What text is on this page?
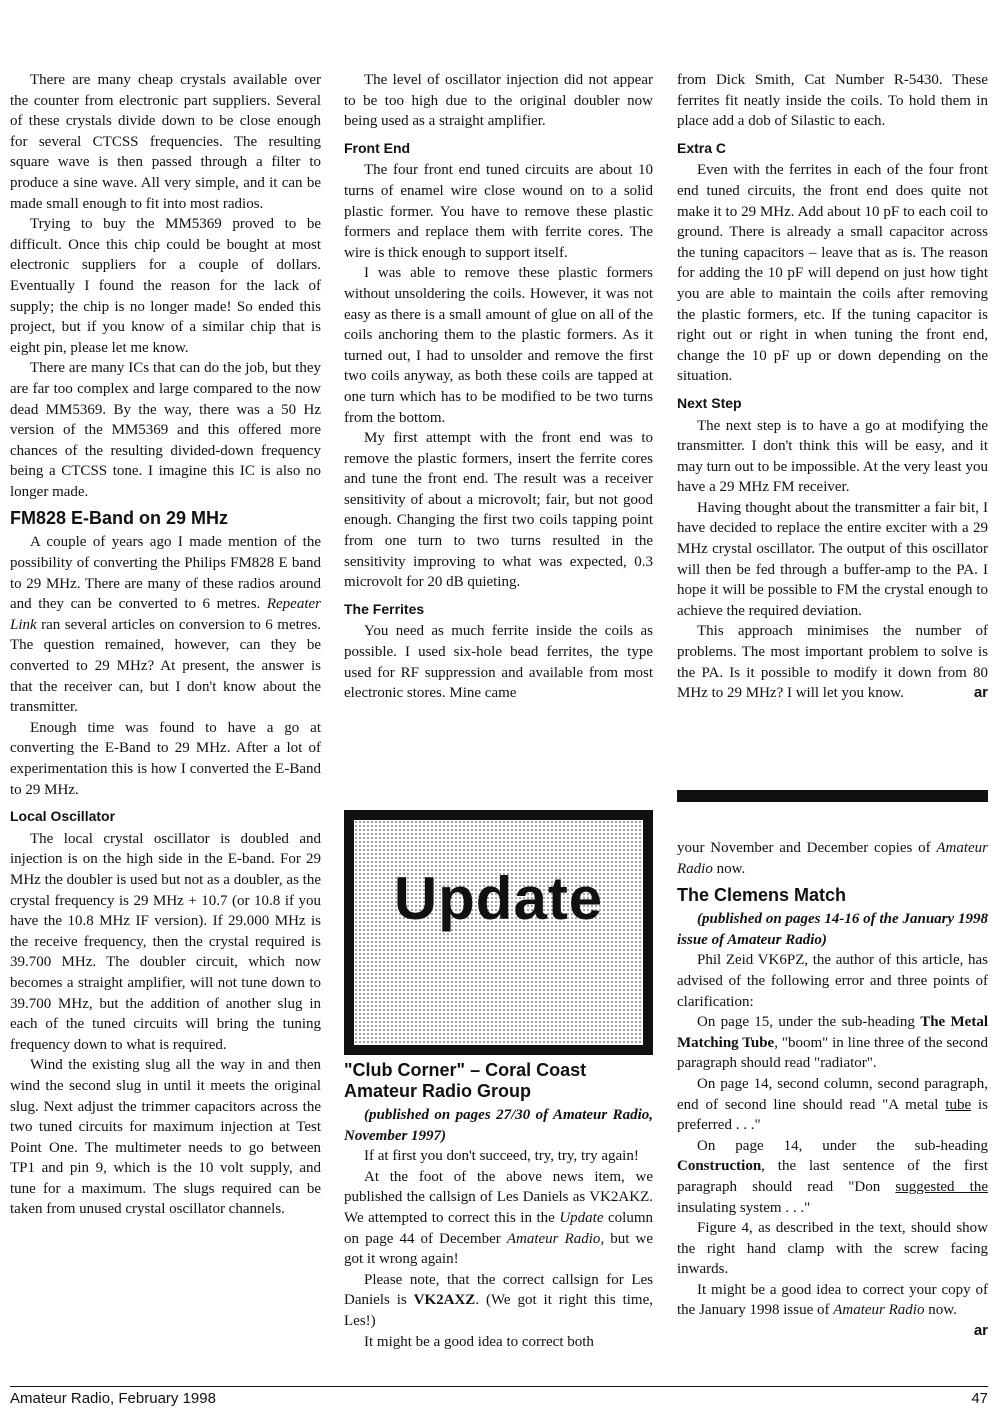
There are many cheap crystals available over the counter from electronic part suppliers. Several of these crystals divide down to be close enough for several CTCSS frequencies. The resulting square wave is then passed through a filter to produce a sine wave. All very simple, and it can be made small enough to fit into most radios.

Trying to buy the MM5369 proved to be difficult. Once this chip could be bought at most electronic suppliers for a couple of dollars. Eventually I found the reason for the lack of supply; the chip is no longer made! So ended this project, but if you know of a similar chip that is eight pin, please let me know.

There are many ICs that can do the job, but they are far too complex and large compared to the now dead MM5369. By the way, there was a 50 Hz version of the MM5369 and this offered more chances of the resulting divided-down frequency being a CTCSS tone. I imagine this IC is also no longer made.

FM828 E-Band on 29 MHz

A couple of years ago I made mention of the possibility of converting the Philips FM828 E band to 29 MHz. There are many of these radios around and they can be converted to 6 metres. Repeater Link ran several articles on conversion to 6 metres. The question remained, however, can they be converted to 29 MHz? At present, the answer is that the receiver can, but I don't know about the transmitter.

Enough time was found to have a go at converting the E-Band to 29 MHz. After a lot of experimentation this is how I converted the E-Band to 29 MHz.

Local Oscillator

The local crystal oscillator is doubled and injection is on the high side in the E-band. For 29 MHz the doubler is used but not as a doubler, as the crystal frequency is 29 MHz + 10.7 (or 10.8 if you have the 10.8 MHz IF version). If 29.000 MHz is the receive frequency, then the crystal required is 39.700 MHz. The doubler circuit, which now becomes a straight amplifier, will not tune down to 39.700 MHz, but the addition of another slug in each of the tuned circuits will bring the tuning frequency down to what is required.

Wind the existing slug all the way in and then wind the second slug in until it meets the original slug. Next adjust the trimmer capacitors across the two tuned circuits for maximum injection at Test Point One. The multimeter needs to go between TP1 and pin 9, which is the 10 volt supply, and tune for a maximum. The slugs required can be taken from unused crystal oscillator channels.

The level of oscillator injection did not appear to be too high due to the original doubler now being used as a straight amplifier.

Front End

The four front end tuned circuits are about 10 turns of enamel wire close wound on to a solid plastic former. You have to remove these plastic formers and replace them with ferrite cores. The wire is thick enough to support itself.

I was able to remove these plastic formers without unsoldering the coils. However, it was not easy as there is a small amount of glue on all of the coils anchoring them to the plastic formers. As it turned out, I had to unsolder and remove the first two coils anyway, as both these coils are tapped at one turn which has to be modified to be two turns from the bottom.

My first attempt with the front end was to remove the plastic formers, insert the ferrite cores and tune the front end. The result was a receiver sensitivity of about a microvolt; fair, but not good enough. Changing the first two coils tapping point from one turn to two turns resulted in the sensitivity improving to what was expected, 0.3 microvolt for 20 dB quieting.

The Ferrites

You need as much ferrite inside the coils as possible. I used six-hole bead ferrites, the type used for RF suppression and available from most electronic stores. Mine came

from Dick Smith, Cat Number R-5430. These ferrites fit neatly inside the coils. To hold them in place add a dob of Silastic to each.

Extra C

Even with the ferrites in each of the four front end tuned circuits, the front end does quite not make it to 29 MHz. Add about 10 pF to each coil to ground. There is already a small capacitor across the tuning capacitors – leave that as is. The reason for adding the 10 pF will depend on just how tight you are able to maintain the coils after removing the plastic formers, etc. If the tuning capacitor is right out or right in when tuning the front end, change the 10 pF up or down depending on the situation.

Next Step

The next step is to have a go at modifying the transmitter. I don't think this will be easy, and it may turn out to be impossible. At the very least you have a 29 MHz FM receiver.

Having thought about the transmitter a fair bit, I have decided to replace the entire exciter with a 29 MHz crystal oscillator. The output of this oscillator will then be fed through a buffer-amp to the PA. I hope it will be possible to FM the crystal enough to achieve the required deviation.

This approach minimises the number of problems. The most important problem to solve is the PA. Is it possible to modify it down from 80 MHz to 29 MHz? I will let you know.	ar

Update
"Club Corner" – Coral Coast Amateur Radio Group

(published on pages 27/30 of Amateur Radio, November 1997)

If at first you don't succeed, try, try, try again!

At the foot of the above news item, we published the callsign of Les Daniels as VK2AKZ. We attempted to correct this in the Update column on page 44 of December Amateur Radio, but we got it wrong again!

Please note, that the correct callsign for Les Daniels is VK2AXZ. (We got it right this time, Les!)

It might be a good idea to correct both

your November and December copies of Amateur Radio now.

The Clemens Match

(published on pages 14-16 of the January 1998 issue of Amateur Radio)

Phil Zeid VK6PZ, the author of this article, has advised of the following error and three points of clarification:

On page 15, under the sub-heading The Metal Matching Tube, "boom" in line three of the second paragraph should read "radiator".

On page 14, second column, second paragraph, end of second line should read "A metal tube is preferred . . ."

On page 14, under the sub-heading Construction, the last sentence of the first paragraph should read "Don suggested the insulating system . . ."

Figure 4, as described in the text, should show the right hand clamp with the screw facing inwards.

It might be a good idea to correct your copy of the January 1998 issue of Amateur Radio now.
ar

Amateur Radio, February 1998	47
